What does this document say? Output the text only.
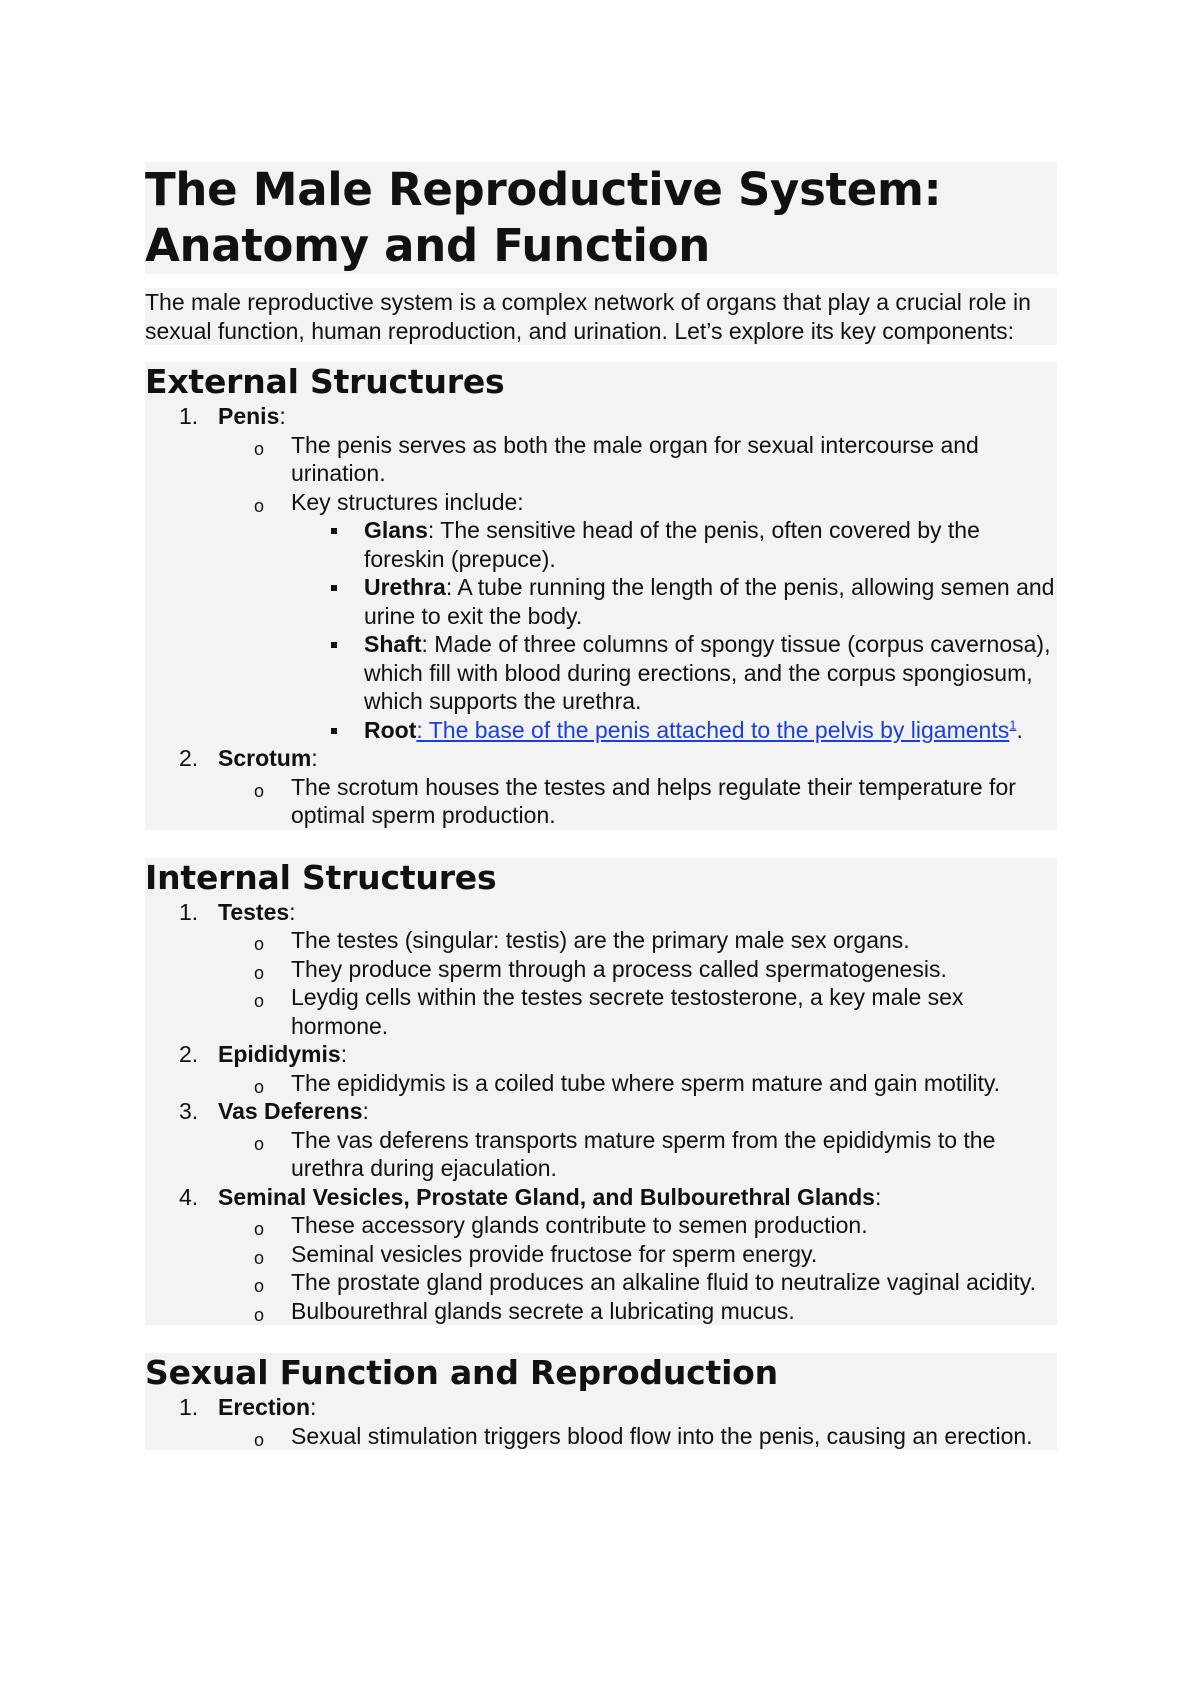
The Male Reproductive System: Anatomy and Function

The male reproductive system is a complex network of organs that play a crucial role in sexual function, human reproduction, and urination. Let’s explore its key components:

External Structures
1. Penis:
o The penis serves as both the male organ for sexual intercourse and urination.
o Key structures include:
Glans: The sensitive head of the penis, often covered by the foreskin (prepuce).
Urethra: A tube running the length of the penis, allowing semen and urine to exit the body.
Shaft: Made of three columns of spongy tissue (corpus cavernosa), which fill with blood during erections, and the corpus spongiosum, which supports the urethra.
Root: The base of the penis attached to the pelvis by ligaments$^1$.
2. Scrotum:
o The scrotum houses the testes and helps regulate their temperature for optimal sperm production.
Internal Structures
1. Testes:
o The testes (singular: testis) are the primary male sex organs.
o They produce sperm through a process called spermatogenesis.
o Leydig cells within the testes secrete testosterone, a key male sex hormone.
2. Epididymis:
o The epididymis is a coiled tube where sperm mature and gain motility.
3. Vas Deferens:
o The vas deferens transports mature sperm from the epididymis to the urethra during ejaculation.
4. Seminal Vesicles, Prostate Gland, and Bulbourethral Glands:
o These accessory glands contribute to semen production.
o Seminal vesicles provide fructose for sperm energy.
o The prostate gland produces an alkaline fluid to neutralize vaginal acidity.
o Bulbourethral glands secrete a lubricating mucus.
Sexual Function and Reproduction
1. Erection:
o Sexual stimulation triggers blood flow into the penis, causing an erection.
